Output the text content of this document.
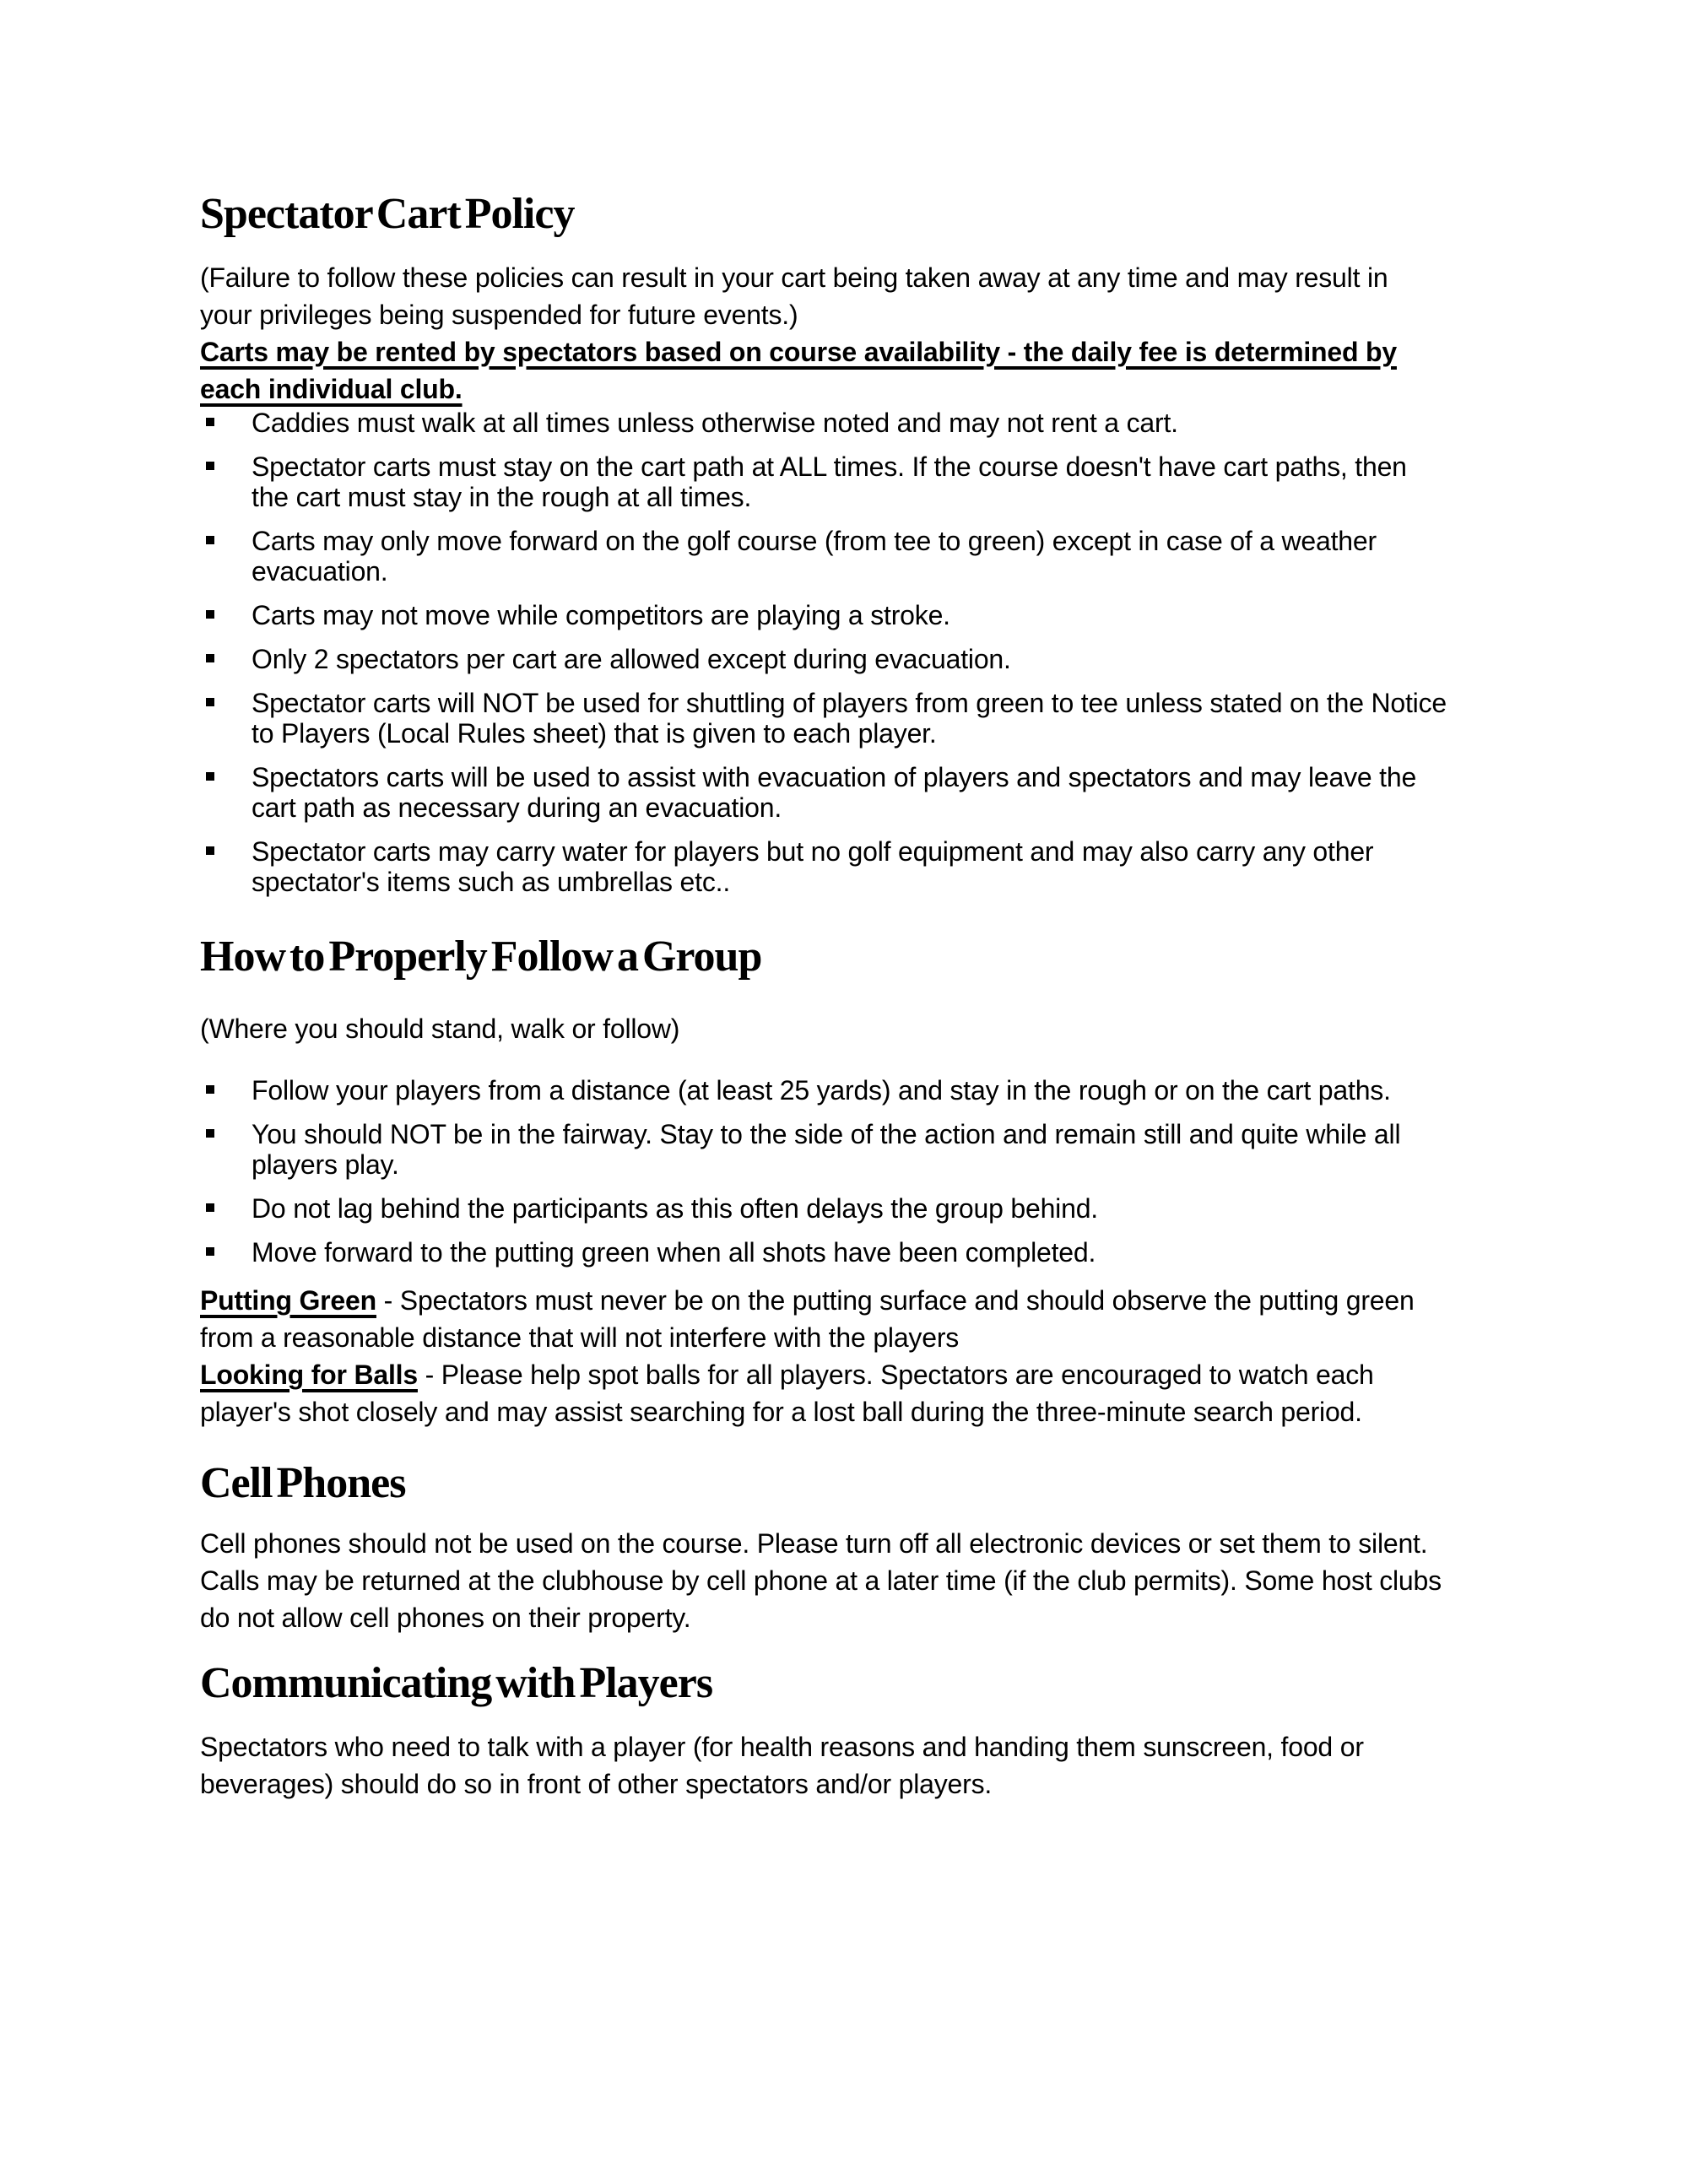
Spectator Cart Policy
(Failure to follow these policies can result in your cart being taken away at any time and may result in
your privileges being suspended for future events.)
Carts may be rented by spectators based on course availability - the daily fee is determined by
each individual club.
Caddies must walk at all times unless otherwise noted and may not rent a cart.
Spectator carts must stay on the cart path at ALL times. If the course doesn't have cart paths, then
the cart must stay in the rough at all times.
Carts may only move forward on the golf course (from tee to green) except in case of a weather
evacuation.
Carts may not move while competitors are playing a stroke.
Only 2 spectators per cart are allowed except during evacuation.
Spectator carts will NOT be used for shuttling of players from green to tee unless stated on the Notice
to Players (Local Rules sheet) that is given to each player.
Spectators carts will be used to assist with evacuation of players and spectators and may leave the
cart path as necessary during an evacuation.
Spectator carts may carry water for players but no golf equipment and may also carry any other
spectator's items such as umbrellas etc..
How to Properly Follow a Group
(Where you should stand, walk or follow)
Follow your players from a distance (at least 25 yards) and stay in the rough or on the cart paths.
You should NOT be in the fairway. Stay to the side of the action and remain still and quite while all
players play.
Do not lag behind the participants as this often delays the group behind.
Move forward to the putting green when all shots have been completed.
Putting Green - Spectators must never be on the putting surface and should observe the putting green
from a reasonable distance that will not interfere with the players
Looking for Balls - Please help spot balls for all players. Spectators are encouraged to watch each
player's shot closely and may assist searching for a lost ball during the three-minute search period.
Cell Phones
Cell phones should not be used on the course. Please turn off all electronic devices or set them to silent.
Calls may be returned at the clubhouse by cell phone at a later time (if the club permits). Some host clubs
do not allow cell phones on their property.
Communicating with Players
Spectators who need to talk with a player (for health reasons and handing them sunscreen, food or
beverages) should do so in front of other spectators and/or players.
